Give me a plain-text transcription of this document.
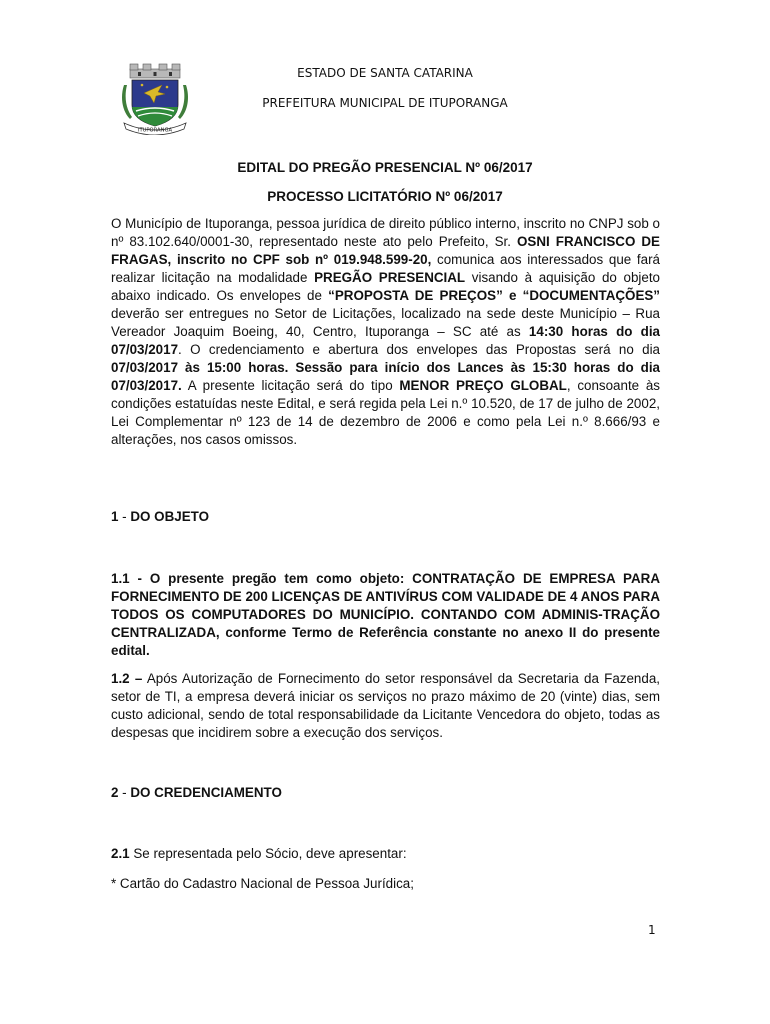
ITUPORANGA
ESTADO DE SANTA CATARINA
PREFEITURA MUNICIPAL DE ITUPORANGA
EDITAL DO PREGÃO PRESENCIAL Nº 06/2017
PROCESSO LICITATÓRIO Nº 06/2017
O Município de Ituporanga, pessoa jurídica de direito público interno, inscrito no CNPJ sob o nº 83.102.640/0001-30, representado neste ato pelo Prefeito, Sr. OSNI FRANCISCO DE FRAGAS, inscrito no CPF sob nº 019.948.599-20, comunica aos interessados que fará realizar licitação na modalidade PREGÃO PRESENCIAL visando à aquisição do objeto abaixo indicado. Os envelopes de “PROPOSTA DE PREÇOS” e “DOCUMENTAÇÕES” deverão ser entregues no Setor de Licitações, localizado na sede deste Município – Rua Vereador Joaquim Boeing, 40, Centro, Ituporanga – SC até as 14:30 horas do dia 07/03/2017. O credenciamento e abertura dos envelopes das Propostas será no dia 07/03/2017 às 15:00 horas. Sessão para início dos Lances às 15:30 horas do dia 07/03/2017. A presente licitação será do tipo MENOR PREÇO GLOBAL, consoante às condições estatuídas neste Edital, e será regida pela Lei n.º 10.520, de 17 de julho de 2002, Lei Complementar nº 123 de 14 de dezembro de 2006 e como pela Lei n.º 8.666/93 e alterações, nos casos omissos.
1 - DO OBJETO
1.1 - O presente pregão tem como objeto: CONTRATAÇÃO DE EMPRESA PARA FORNECIMENTO DE 200 LICENÇAS DE ANTIVÍRUS COM VALIDADE DE 4 ANOS PARA TODOS OS COMPUTADORES DO MUNICÍPIO. CONTANDO COM ADMINIS-TRAÇÃO CENTRALIZADA, conforme Termo de Referência constante no anexo II do presente edital.
1.2 – Após Autorização de Fornecimento do setor responsável da Secretaria da Fazenda, setor de TI, a empresa deverá iniciar os serviços no prazo máximo de 20 (vinte) dias, sem custo adicional, sendo de total responsabilidade da Licitante Vencedora do objeto, todas as despesas que incidirem sobre a execução dos serviços.
2 - DO CREDENCIAMENTO
2.1 Se representada pelo Sócio, deve apresentar:
* Cartão do Cadastro Nacional de Pessoa Jurídica;
1
